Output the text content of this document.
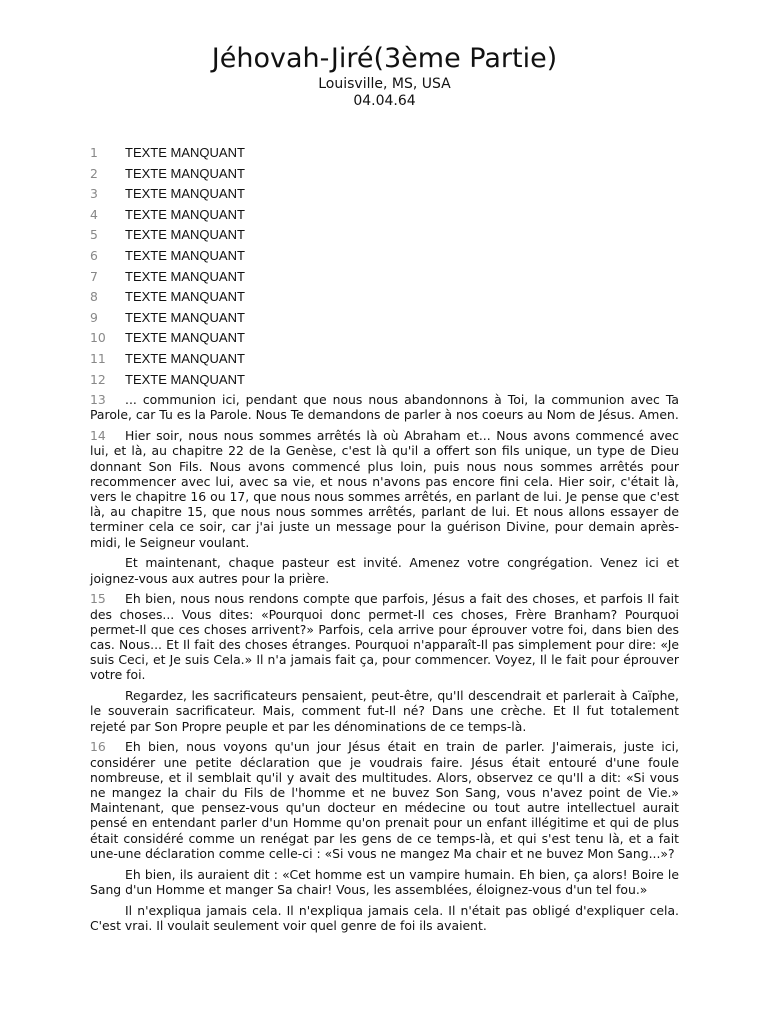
Jéhovah-Jiré(3ème Partie)

Louisville, MS, USA

04.04.64

1	TEXTE MANQUANT
2	TEXTE MANQUANT
3	TEXTE MANQUANT
4	TEXTE MANQUANT
5	TEXTE MANQUANT
6	TEXTE MANQUANT
7	TEXTE MANQUANT
8	TEXTE MANQUANT
9	TEXTE MANQUANT
10	TEXTE MANQUANT
11	TEXTE MANQUANT
12	TEXTE MANQUANT

13 ... communion ici, pendant que nous nous abandonnons à Toi, la communion avec Ta Parole, car Tu es la Parole. Nous Te demandons de parler à nos coeurs au Nom de Jésus. Amen.

14 Hier soir, nous nous sommes arrêtés là où Abraham et... Nous avons commencé avec lui, et là, au chapitre 22 de la Genèse, c'est là qu'il a offert son fils unique, un type de Dieu donnant Son Fils. Nous avons commencé plus loin, puis nous nous sommes arrêtés pour recommencer avec lui, avec sa vie, et nous n'avons pas encore fini cela. Hier soir, c'était là, vers le chapitre 16 ou 17, que nous nous sommes arrêtés, en parlant de lui. Je pense que c'est là, au chapitre 15, que nous nous sommes arrêtés, parlant de lui. Et nous allons essayer de terminer cela ce soir, car j'ai juste un message pour la guérison Divine, pour demain après-midi, le Seigneur voulant.

Et maintenant, chaque pasteur est invité. Amenez votre congrégation. Venez ici et joignez-vous aux autres pour la prière.

15 Eh bien, nous nous rendons compte que parfois, Jésus a fait des choses, et parfois Il fait des choses... Vous dites: «Pourquoi donc permet-Il ces choses, Frère Branham? Pourquoi permet-Il que ces choses arrivent?» Parfois, cela arrive pour éprouver votre foi, dans bien des cas. Nous... Et Il fait des choses étranges. Pourquoi n'apparaît-Il pas simplement pour dire: «Je suis Ceci, et Je suis Cela.» Il n'a jamais fait ça, pour commencer. Voyez, Il le fait pour éprouver votre foi.

Regardez, les sacrificateurs pensaient, peut-être, qu'Il descendrait et parlerait à Caïphe, le souverain sacrificateur. Mais, comment fut-Il né? Dans une crèche. Et Il fut totalement rejeté par Son Propre peuple et par les dénominations de ce temps-là.

16 Eh bien, nous voyons qu'un jour Jésus était en train de parler. J'aimerais, juste ici, considérer une petite déclaration que je voudrais faire. Jésus était entouré d'une foule nombreuse, et il semblait qu'il y avait des multitudes. Alors, observez ce qu'Il a dit: «Si vous ne mangez la chair du Fils de l'homme et ne buvez Son Sang, vous n'avez point de Vie.» Maintenant, que pensez-vous qu'un docteur en médecine ou tout autre intellectuel aurait pensé en entendant parler d'un Homme qu'on prenait pour un enfant illégitime et qui de plus était considéré comme un renégat par les gens de ce temps-là, et qui s'est tenu là, et a fait une-une déclaration comme celle-ci : «Si vous ne mangez Ma chair et ne buvez Mon Sang...»?

Eh bien, ils auraient dit : «Cet homme est un vampire humain. Eh bien, ça alors! Boire le Sang d'un Homme et manger Sa chair! Vous, les assemblées, éloignez-vous d'un tel fou.»

Il n'expliqua jamais cela. Il n'expliqua jamais cela. Il n'était pas obligé d'expliquer cela. C'est vrai. Il voulait seulement voir quel genre de foi ils avaient.
